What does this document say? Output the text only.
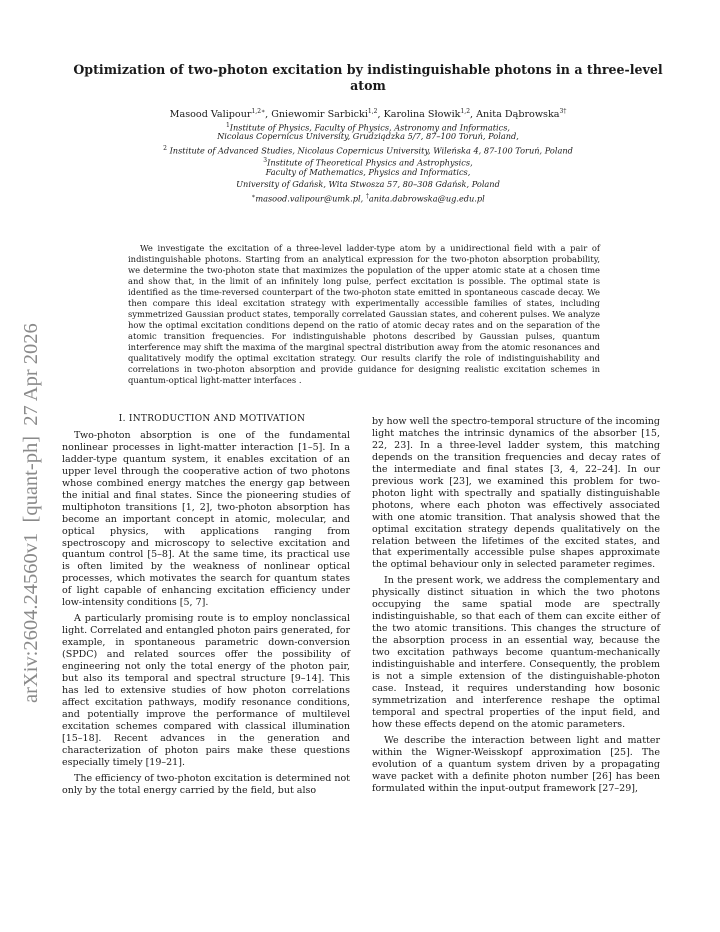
arXiv:2604.24560v1  [quant-ph]  27 Apr 2026
Optimization of two-photon excitation by indistinguishable photons in a three-level atom
Masood Valipour$^{1,2∗}$, Gniewomir Sarbicki$^{1,2}$, Karolina Słowik$^{1,2}$, Anita Dąbrowska$^{3\dagger}$
$^1$Institute of Physics, Faculty of Physics, Astronomy and Informatics,
Nicolaus Copernicus University, Grudziądzka 5/7, 87–100 Toruń, Poland,
$^2$ Institute of Advanced Studies, Nicolaus Copernicus University, Wileńska 4, 87-100 Toruń, Poland
$^3$Institute of Theoretical Physics and Astrophysics,
Faculty of Mathematics, Physics and Informatics,
University of Gdańsk, Wita Stwosza 57, 80–308 Gdańsk, Poland
∗masood.valipour@umk.pl, †anita.dabrowska@ug.edu.pl

We investigate the excitation of a three-level ladder-type atom by a unidirectional field with a pair of indistinguishable photons. Starting from an analytical expression for the two-photon absorption probability, we determine the two-photon state that maximizes the population of the upper atomic state at a chosen time and show that, in the limit of an infinitely long pulse, perfect excitation is possible. The optimal state is identified as the time-reversed counterpart of the two-photon state emitted in spontaneous cascade decay. We then compare this ideal excitation strategy with experimentally accessible families of states, including symmetrized Gaussian product states, temporally correlated Gaussian states, and coherent pulses. We analyze how the optimal excitation conditions depend on the ratio of atomic decay rates and on the separation of the atomic transition frequencies. For indistinguishable photons described by Gaussian pulses, quantum interference may shift the maxima of the marginal spectral distribution away from the atomic resonances and qualitatively modify the optimal excitation strategy. Our results clarify the role of indistinguishability and correlations in two-photon absorption and provide guidance for designing realistic excitation schemes in quantum-optical light-matter interfaces .

I. INTRODUCTION AND MOTIVATION

Two-photon absorption is one of the fundamental nonlinear processes in light-matter interaction [1–5]. In a ladder-type quantum system, it enables excitation of an upper level through the cooperative action of two photons whose combined energy matches the energy gap between the initial and final states. Since the pioneering studies of multiphoton transitions [1, 2], two-photon absorption has become an important concept in atomic, molecular, and optical physics, with applications ranging from spectroscopy and microscopy to selective excitation and quantum control [5–8]. At the same time, its practical use is often limited by the weakness of nonlinear optical processes, which motivates the search for quantum states of light capable of enhancing excitation efficiency under low-intensity conditions [5, 7].

A particularly promising route is to employ nonclassical light. Correlated and entangled photon pairs generated, for example, in spontaneous parametric down-conversion (SPDC) and related sources offer the possibility of engineering not only the total energy of the photon pair, but also its temporal and spectral structure [9–14]. This has led to extensive studies of how photon correlations affect excitation pathways, modify resonance conditions, and potentially improve the performance of multilevel excitation schemes compared with classical illumination [15–18]. Recent advances in the generation and characterization of photon pairs make these questions especially timely [19–21].

The efficiency of two-photon excitation is determined not only by the total energy carried by the field, but also

by how well the spectro-temporal structure of the incoming light matches the intrinsic dynamics of the absorber [15, 22, 23]. In a three-level ladder system, this matching depends on the transition frequencies and decay rates of the intermediate and final states [3, 4, 22–24]. In our previous work [23], we examined this problem for two-photon light with spectrally and spatially distinguishable photons, where each photon was effectively associated with one atomic transition. That analysis showed that the optimal excitation strategy depends qualitatively on the relation between the lifetimes of the excited states, and that experimentally accessible pulse shapes approximate the optimal behaviour only in selected parameter regimes.

In the present work, we address the complementary and physically distinct situation in which the two photons occupying the same spatial mode are spectrally indistinguishable, so that each of them can excite either of the two atomic transitions. This changes the structure of the absorption process in an essential way, because the two excitation pathways become quantum-mechanically indistinguishable and interfere. Consequently, the problem is not a simple extension of the distinguishable-photon case. Instead, it requires understanding how bosonic symmetrization and interference reshape the optimal temporal and spectral properties of the input field, and how these effects depend on the atomic parameters.

We describe the interaction between light and matter within the Wigner-Weisskopf approximation [25]. The evolution of a quantum system driven by a propagating wave packet with a definite photon number [26] has been formulated within the input-output framework [27–29],
